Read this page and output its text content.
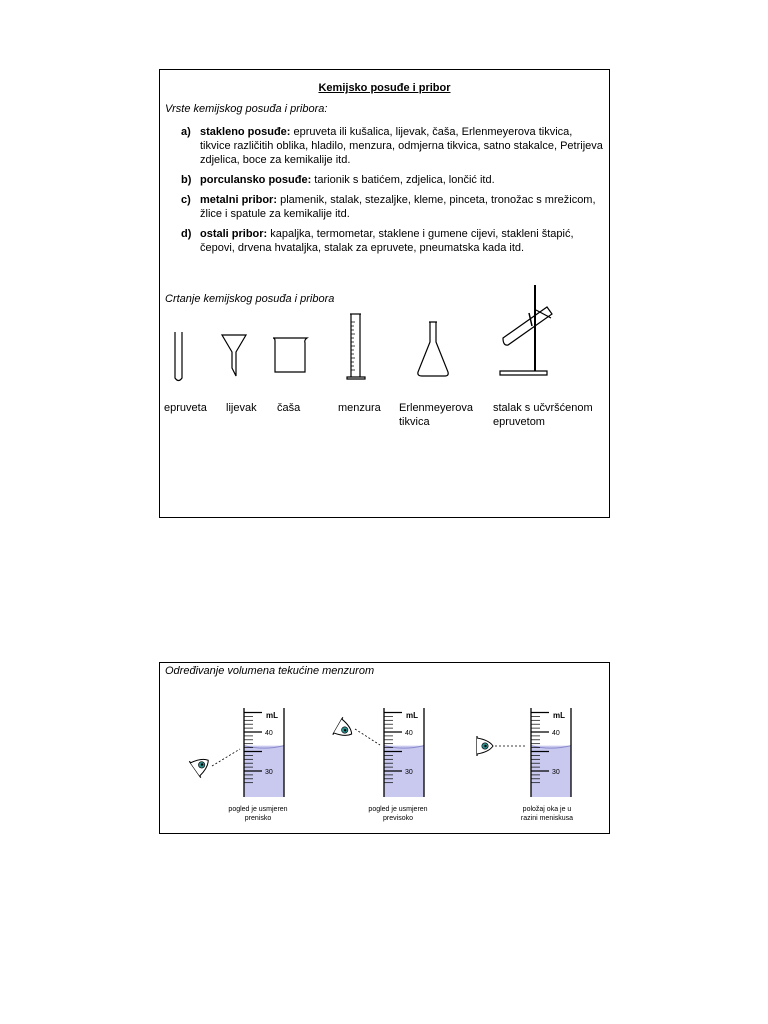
Kemijsko posuđe i pribor
Vrste kemijskog posuđa i pribora:
a) stakleno posuđe: epruveta ili kušalica, lijevak, čaša, Erlenmeyerova tikvica, tikvice različitih oblika, hladilo, menzura, odmjerna tikvica, satno stakalce, Petrijeva zdjelica, boce za kemikalije itd.
b) porculansko posuđe: tarionik s batićem, zdjelica, lončić itd.
c) metalni pribor: plamenik, stalak, stezaljke, kleme, pinceta, tronožac s mrežicom, žlice i spatule za kemikalije itd.
d) ostali pribor: kapaljka, termometar, staklene i gumene cijevi, stakleni štapić, čepovi, drvena hvataljka, stalak za epruvete, pneumatska kada itd.
Crtanje kemijskog posuđa i pribora
epruveta lijevak čaša	menzura Erlenmeyerova
tikvica
stalak s učvršćenom
epruvetom
Određivanje volumena tekućine menzurom
mL
40
30
mL
40
30
mL
40
30
pogled je usmjeren
prenisko
pogled je usmjeren
previsoko
položaj oka je u
razini meniskusa
